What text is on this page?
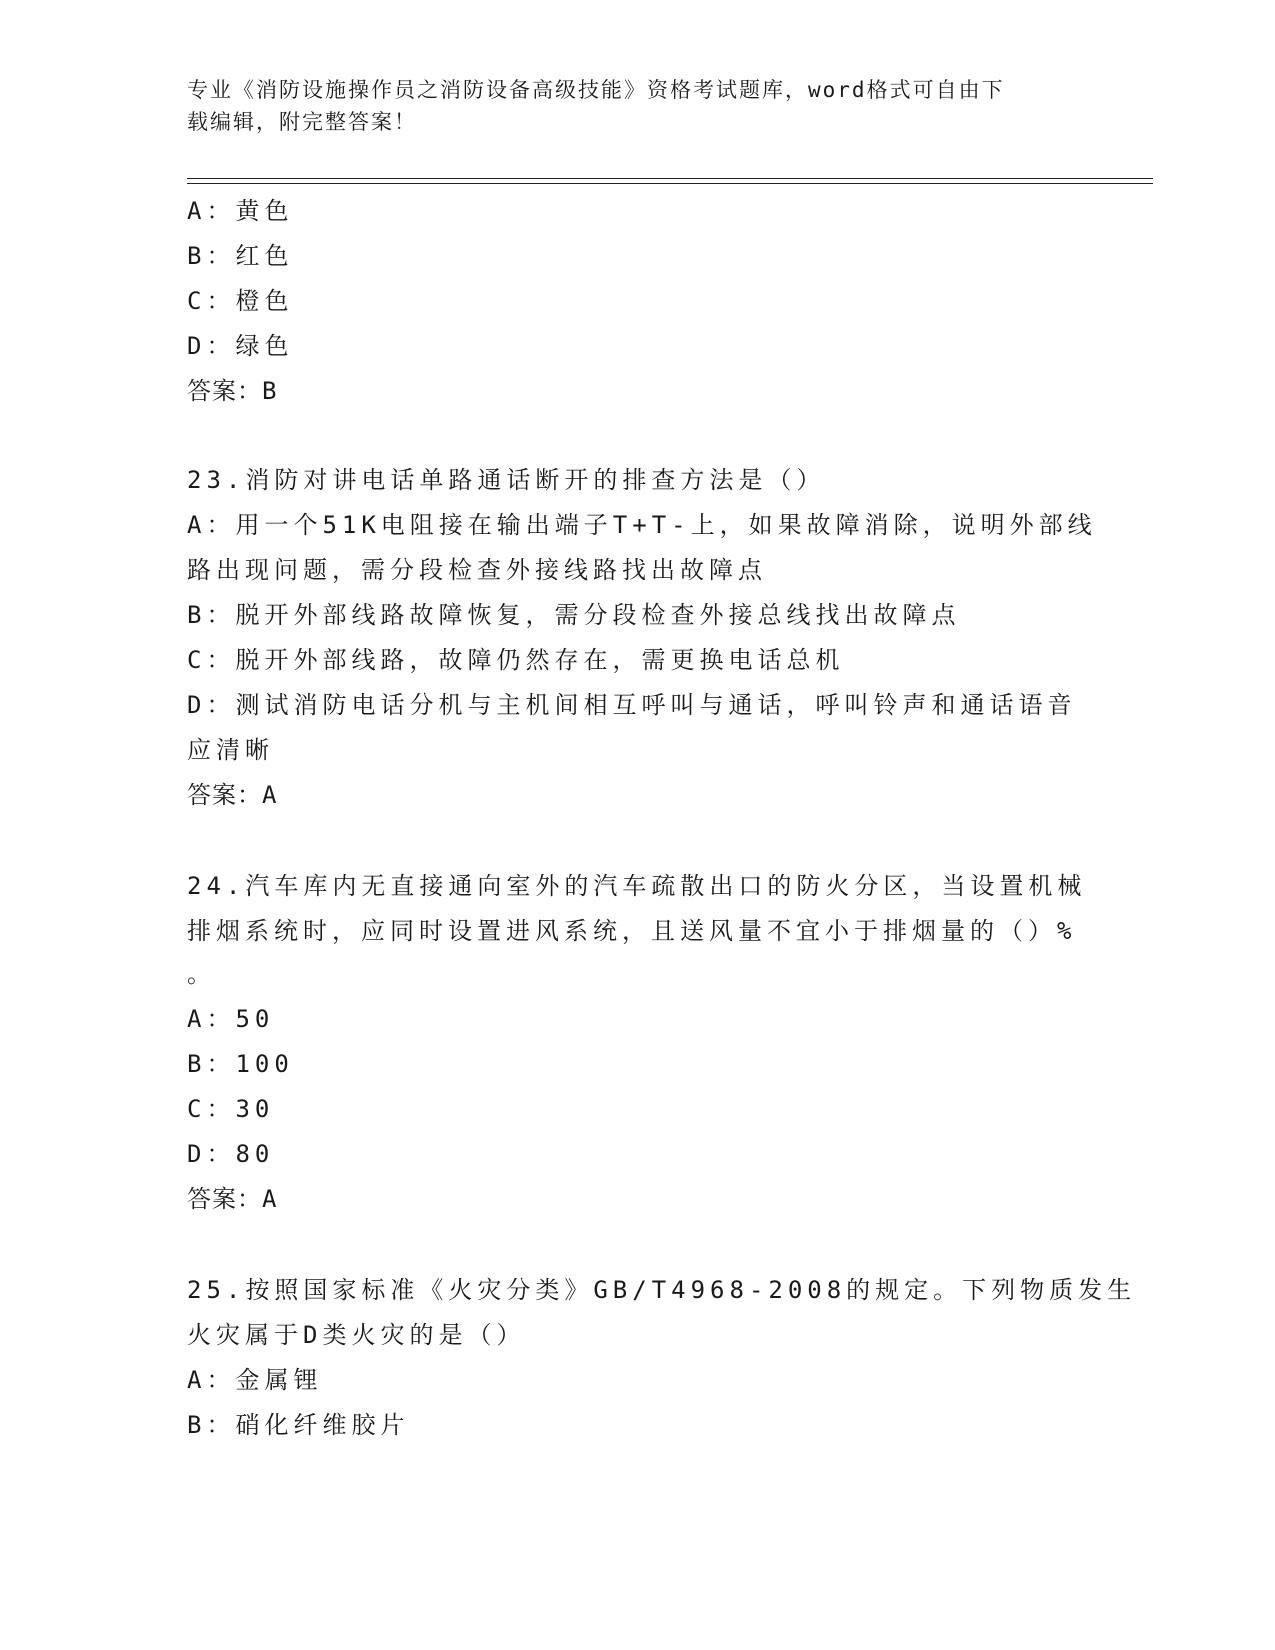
专业《消防设施操作员之消防设备高级技能》资格考试题库，word格式可自由下
载编辑，附完整答案！
A：黄色
B：红色
C：橙色
D：绿色
答案：B
23.消防对讲电话单路通话断开的排查方法是（）
A：用一个51K电阻接在输出端子T+T-上，如果故障消除，说明外部线
路出现问题，需分段检查外接线路找出故障点
B：脱开外部线路故障恢复，需分段检查外接总线找出故障点
C：脱开外部线路，故障仍然存在，需更换电话总机
D：测试消防电话分机与主机间相互呼叫与通话，呼叫铃声和通话语音
应清晰
答案：A
24.汽车库内无直接通向室外的汽车疏散出口的防火分区，当设置机械
排烟系统时，应同时设置进风系统，且送风量不宜小于排烟量的（）%
。
A：50
B：100
C：30
D：80
答案：A
25.按照国家标准《火灾分类》GB/T4968-2008的规定。下列物质发生
火灾属于D类火灾的是（）
A：金属锂
B：硝化纤维胶片
